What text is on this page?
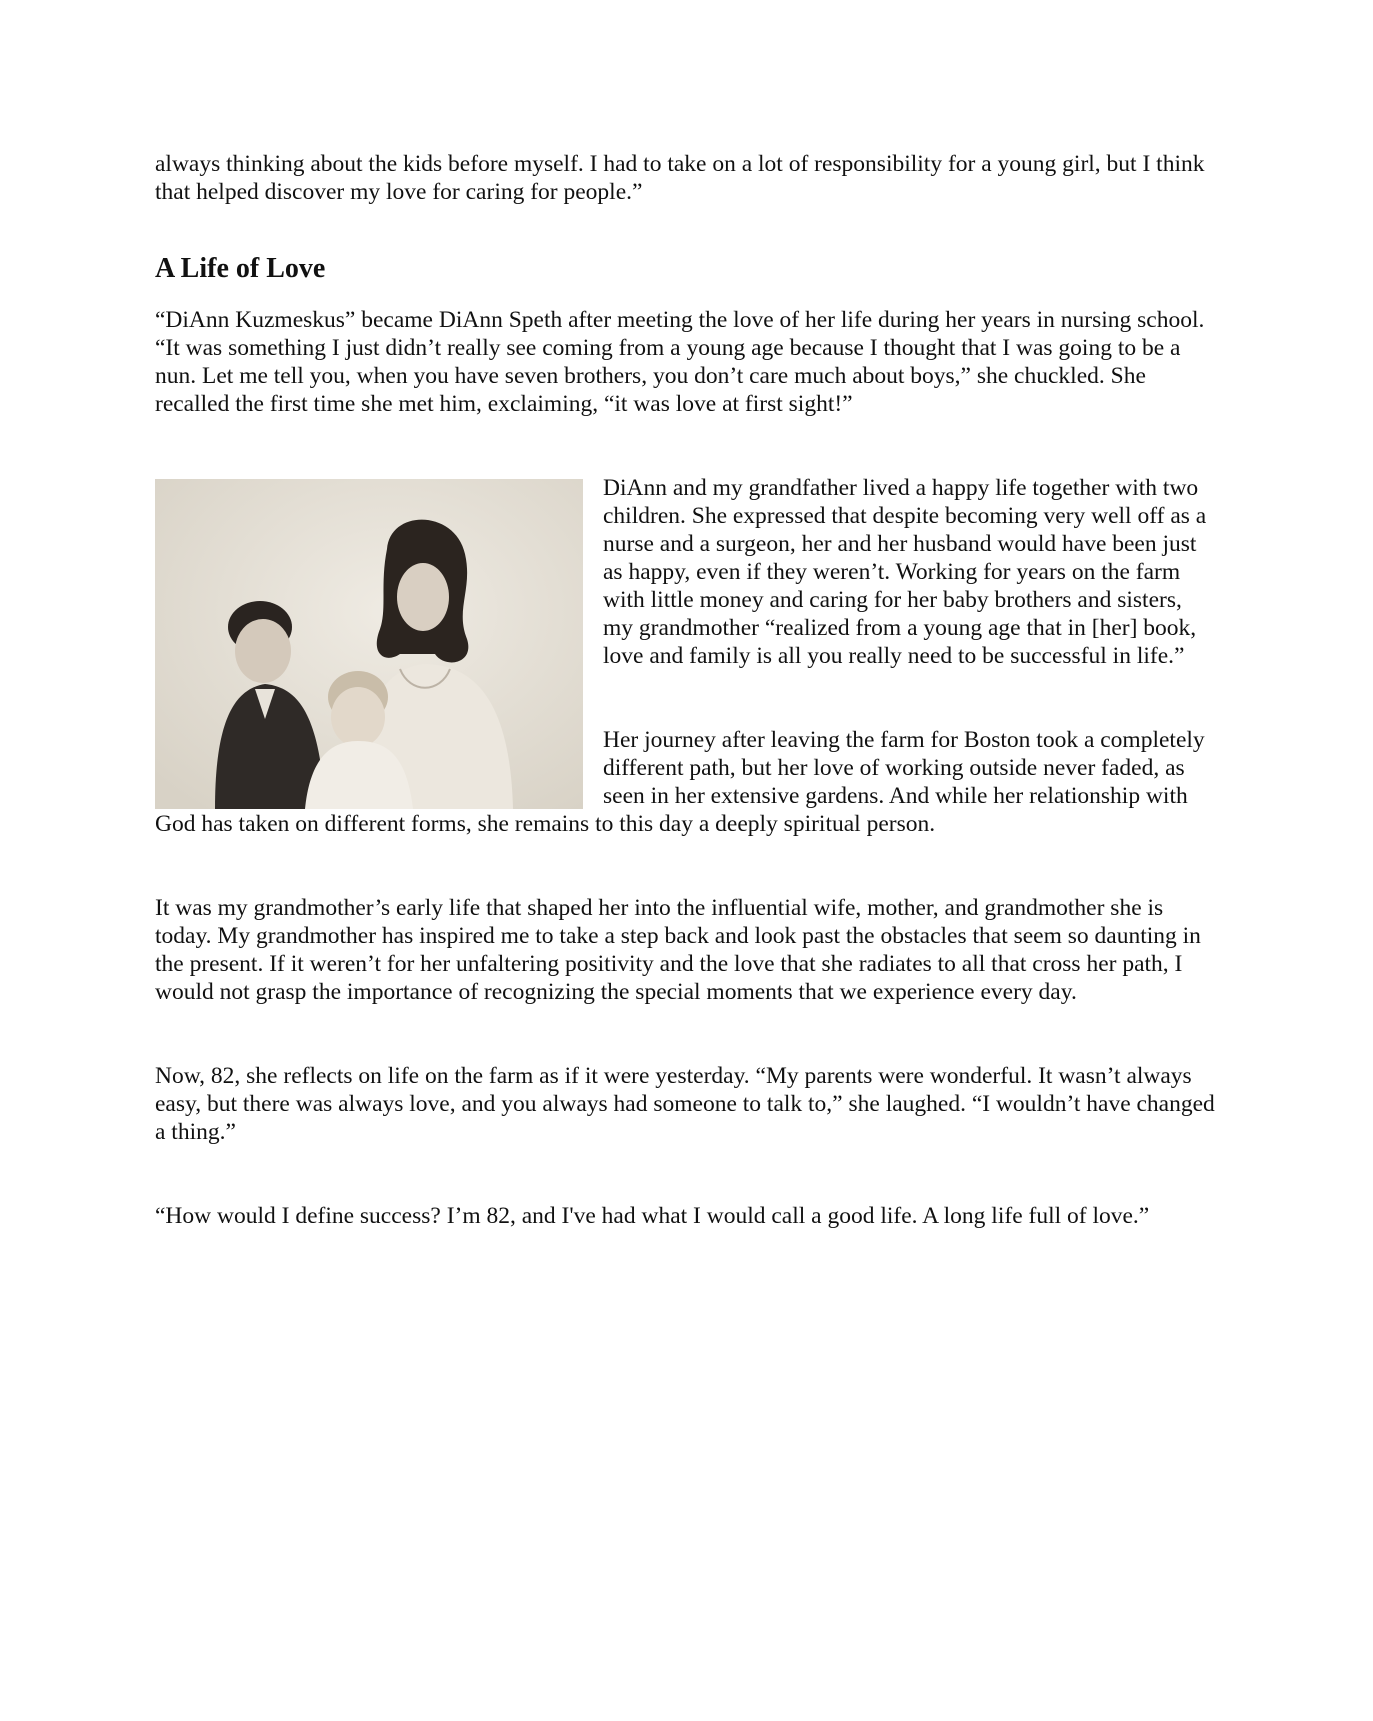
always thinking about the kids before myself. I had to take on a lot of responsibility for a young girl, but I think that helped discover my love for caring for people.”

A Life of Love

“DiAnn Kuzmeskus” became DiAnn Speth after meeting the love of her life during her years in nursing school. “It was something I just didn’t really see coming from a young age because I thought that I was going to be a nun. Let me tell you, when you have seven brothers, you don’t care much about boys,” she chuckled. She recalled the first time she met him, exclaiming, “it was love at first sight!”

DiAnn and my grandfather lived a happy life together with two children. She expressed that despite becoming very well off as a nurse and a surgeon, her and her husband would have been just as happy, even if they weren’t. Working for years on the farm with little money and caring for her baby brothers and sisters, my grandmother “realized from a young age that in [her] book, love and family is all you really need to be successful in life.”

Her journey after leaving the farm for Boston took a completely different path, but her love of working outside never faded, as seen in her extensive gardens. And while her relationship with God has taken on different forms, she remains to this day a deeply spiritual person.

It was my grandmother’s early life that shaped her into the influential wife, mother, and grandmother she is today. My grandmother has inspired me to take a step back and look past the obstacles that seem so daunting in the present. If it weren’t for her unfaltering positivity and the love that she radiates to all that cross her path, I would not grasp the importance of recognizing the special moments that we experience every day.

Now, 82, she reflects on life on the farm as if it were yesterday. “My parents were wonderful. It wasn’t always easy, but there was always love, and you always had someone to talk to,” she laughed. “I wouldn’t have changed a thing.”

“How would I define success? I’m 82, and I've had what I would call a good life. A long life full of love.”
